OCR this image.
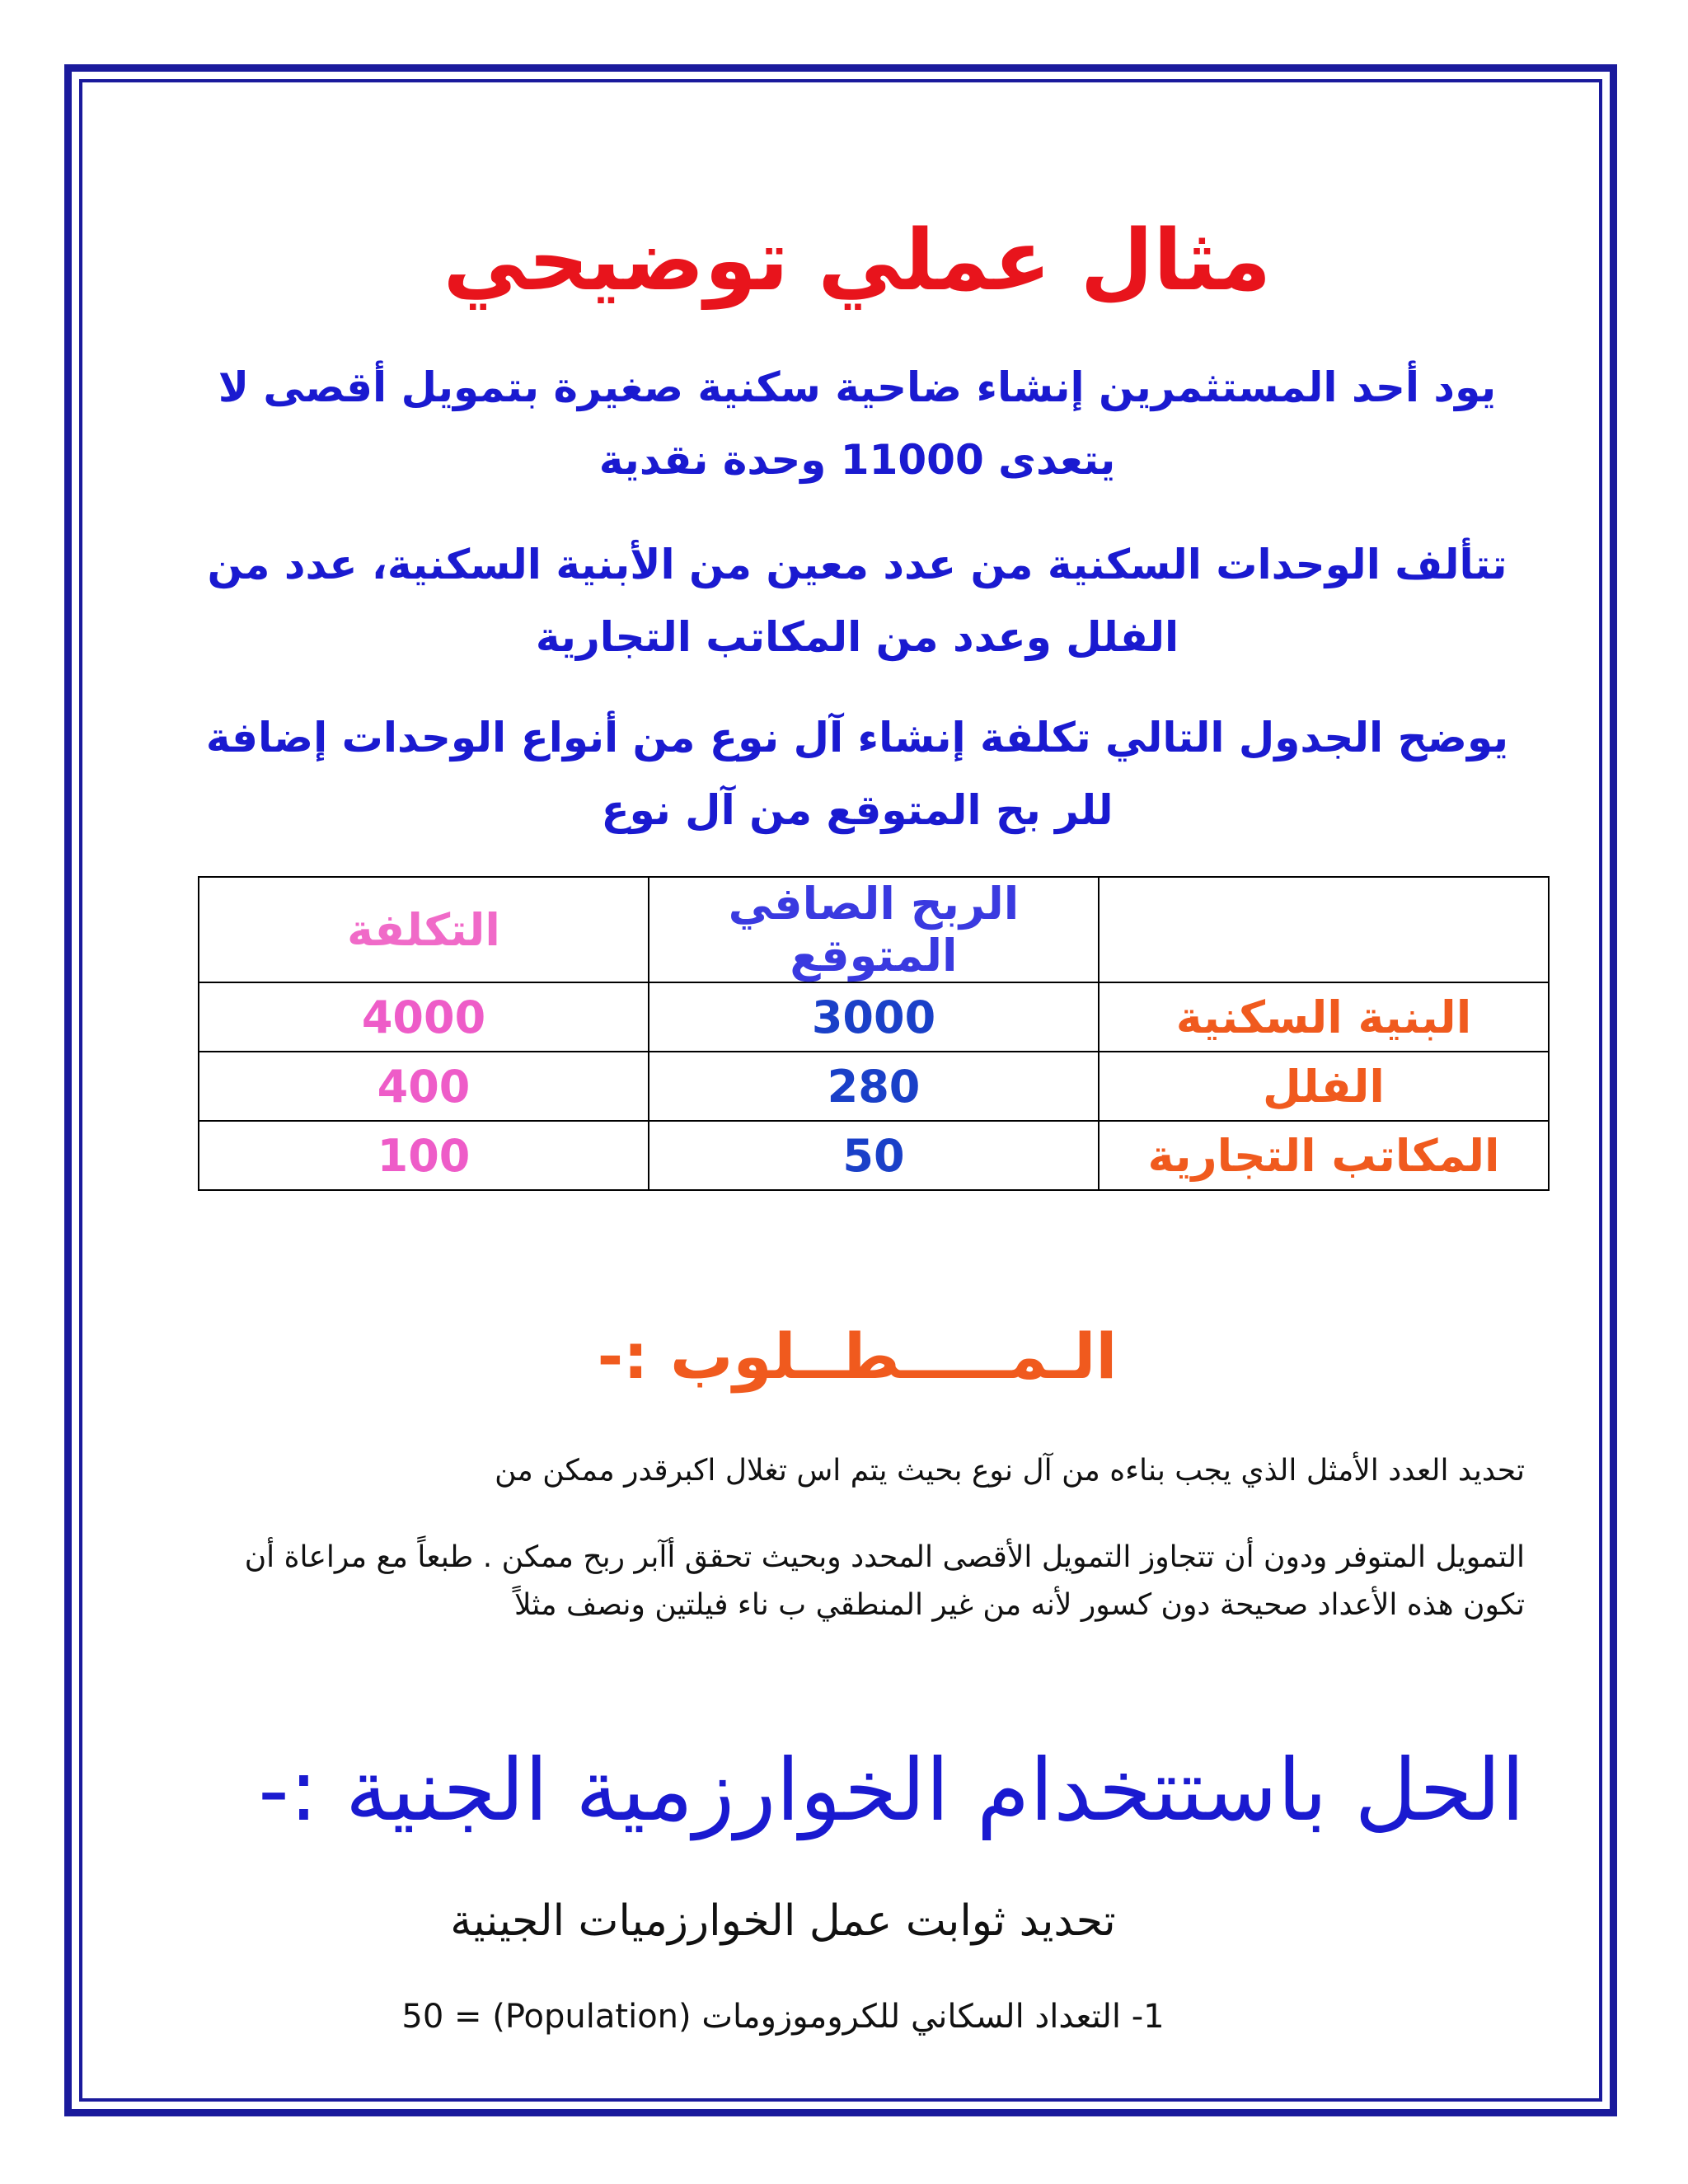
مثال عملي توضيحي
يود أحد المستثمرين إنشاء ضاحية سكنية صغيرة بتمويل أقصى لا يتعدى 11000 وحدة نقدية
تتألف الوحدات السكنية من عدد معين من الأبنية السكنية، عدد من الفلل وعدد من المكاتب التجارية
يوضح الجدول التالي تكلفة إنشاء آل نوع من أنواع الوحدات إضافة للر بح المتوقع من آل نوع
	الربح الصافي المتوقع	التكلفة
البنية السكنية	3000	4000
الفلل	280	400
المكاتب التجارية	50	100
الـمـــــطــلوب :-
تحديد العدد الأمثل الذي يجب بناءه من آل نوع بحيث يتم اس تغلال اكبرقدر ممكن من
التمويل المتوفر ودون أن تتجاوز التمويل الأقصى المحدد وبحيث تحقق أآبر ربح ممكن . طبعاً مع مراعاة أن تكون هذه الأعداد صحيحة دون كسور لأنه من غير المنطقي ب ناء فيلتين ونصف مثلاً
الحل باستتخدام الخوارزمية الجنية :-
تحديد ثوابت عمل الخوارزميات الجينية
1- التعداد السكاني للكروموزومات (Population) = 50
